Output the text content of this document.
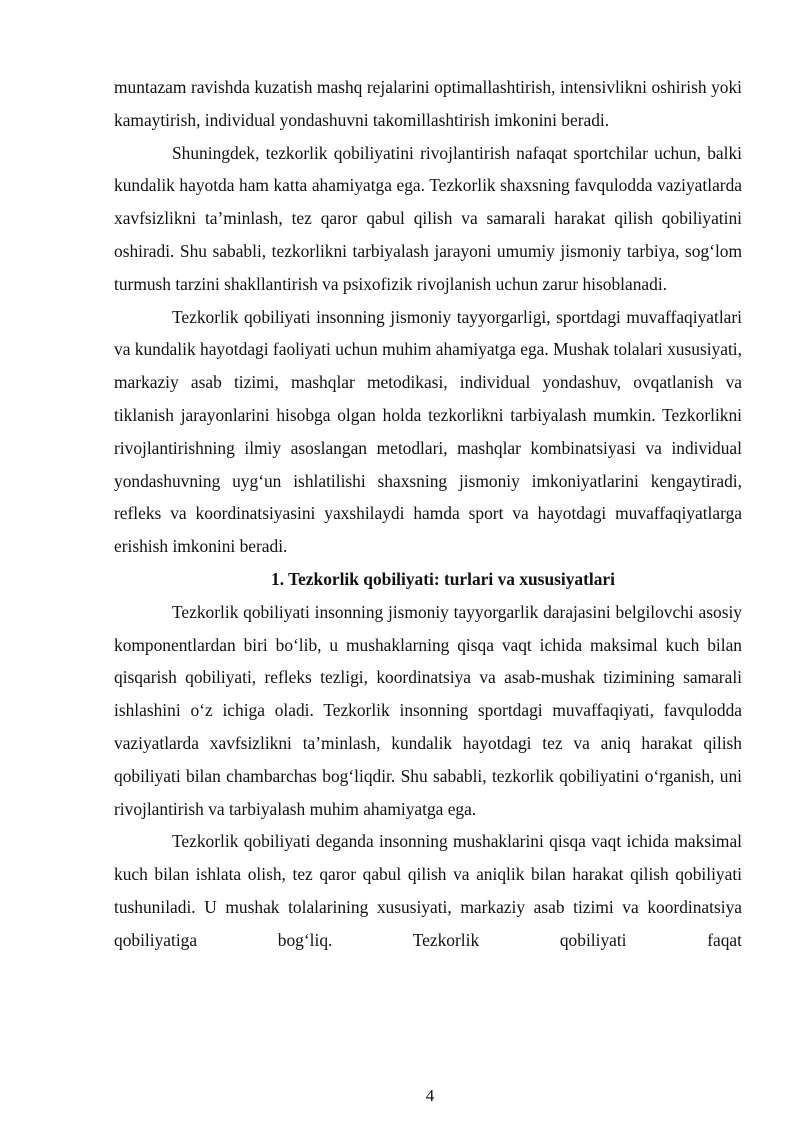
muntazam ravishda kuzatish mashq rejalarini optimallashtirish, intensivlikni oshirish yoki kamaytirish, individual yondashuvni takomillashtirish imkonini beradi.

Shuningdek, tezkorlik qobiliyatini rivojlantirish nafaqat sportchilar uchun, balki kundalik hayotda ham katta ahamiyatga ega. Tezkorlik shaxsning favqulodda vaziyatlarda xavfsizlikni ta’minlash, tez qaror qabul qilish va samarali harakat qilish qobiliyatini oshiradi. Shu sababli, tezkorlikni tarbiyalash jarayoni umumiy jismoniy tarbiya, sog‘lom turmush tarzini shakllantirish va psixofizik rivojlanish uchun zarur hisoblanadi.

Tezkorlik qobiliyati insonning jismoniy tayyorgarligi, sportdagi muvaffaqiyatlari va kundalik hayotdagi faoliyati uchun muhim ahamiyatga ega. Mushak tolalari xususiyati, markaziy asab tizimi, mashqlar metodikasi, individual yondashuv, ovqatlanish va tiklanish jarayonlarini hisobga olgan holda tezkorlikni tarbiyalash mumkin. Tezkorlikni rivojlantirishning ilmiy asoslangan metodlari, mashqlar kombinatsiyasi va individual yondashuvning uyg‘un ishlatilishi shaxsning jismoniy imkoniyatlarini kengaytiradi, refleks va koordinatsiyasini yaxshilaydi hamda sport va hayotdagi muvaffaqiyatlarga erishish imkonini beradi.

1. Tezkorlik qobiliyati: turlari va xususiyatlari

Tezkorlik qobiliyati insonning jismoniy tayyorgarlik darajasini belgilovchi asosiy komponentlardan biri bo‘lib, u mushaklarning qisqa vaqt ichida maksimal kuch bilan qisqarish qobiliyati, refleks tezligi, koordinatsiya va asab-mushak tizimining samarali ishlashini o‘z ichiga oladi. Tezkorlik insonning sportdagi muvaffaqiyati, favqulodda vaziyatlarda xavfsizlikni ta’minlash, kundalik hayotdagi tez va aniq harakat qilish qobiliyati bilan chambarchas bog‘liqdir. Shu sababli, tezkorlik qobiliyatini o‘rganish, uni rivojlantirish va tarbiyalash muhim ahamiyatga ega.

Tezkorlik qobiliyati deganda insonning mushaklarini qisqa vaqt ichida maksimal kuch bilan ishlata olish, tez qaror qabul qilish va aniqlik bilan harakat qilish qobiliyati tushuniladi. U mushak tolalarining xususiyati, markaziy asab tizimi va koordinatsiya qobiliyatiga bog‘liq. Tezkorlik qobiliyati faqat

4
